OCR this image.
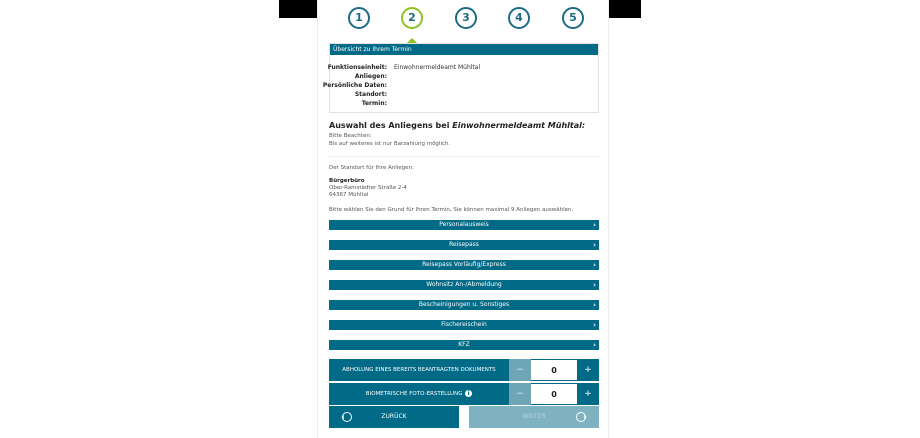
1	2	3	4	5
Übersicht zu Ihrem Termin
Funktionseinheit: Einwohnermeldeamt Mühltal
Anliegen:
Persönliche Daten:
Standort:
Termin:
Auswahl des Anliegens bei Einwohnermeldeamt Mühltal:
Bitte Beachten:
Bis auf weiteres ist nur Barzahlung möglich.
Der Standort für Ihre Anliegen:
Bürgerbüro
Ober-Ramstädter Straße 2-4
64367 Mühltal
Bitte wählen Sie den Grund für Ihren Termin, Sie können maximal 9 Anliegen auswählen.
Personalausweis	›
Reisepass	›
Reisepass Vorläufig/Express	›
Wohnsitz An-/Abmeldung	›
Bescheinigungen u. Sonstiges	›
Fischereischein	›
KFZ	›
ABHOLUNG EINES BEREITS BEANTRAGTEN DOKUMENTS	−	0	+
BIOMETRISCHE FOTO-ERSTELLUNG i	−	0	+
ZURÜCK	WEITER
